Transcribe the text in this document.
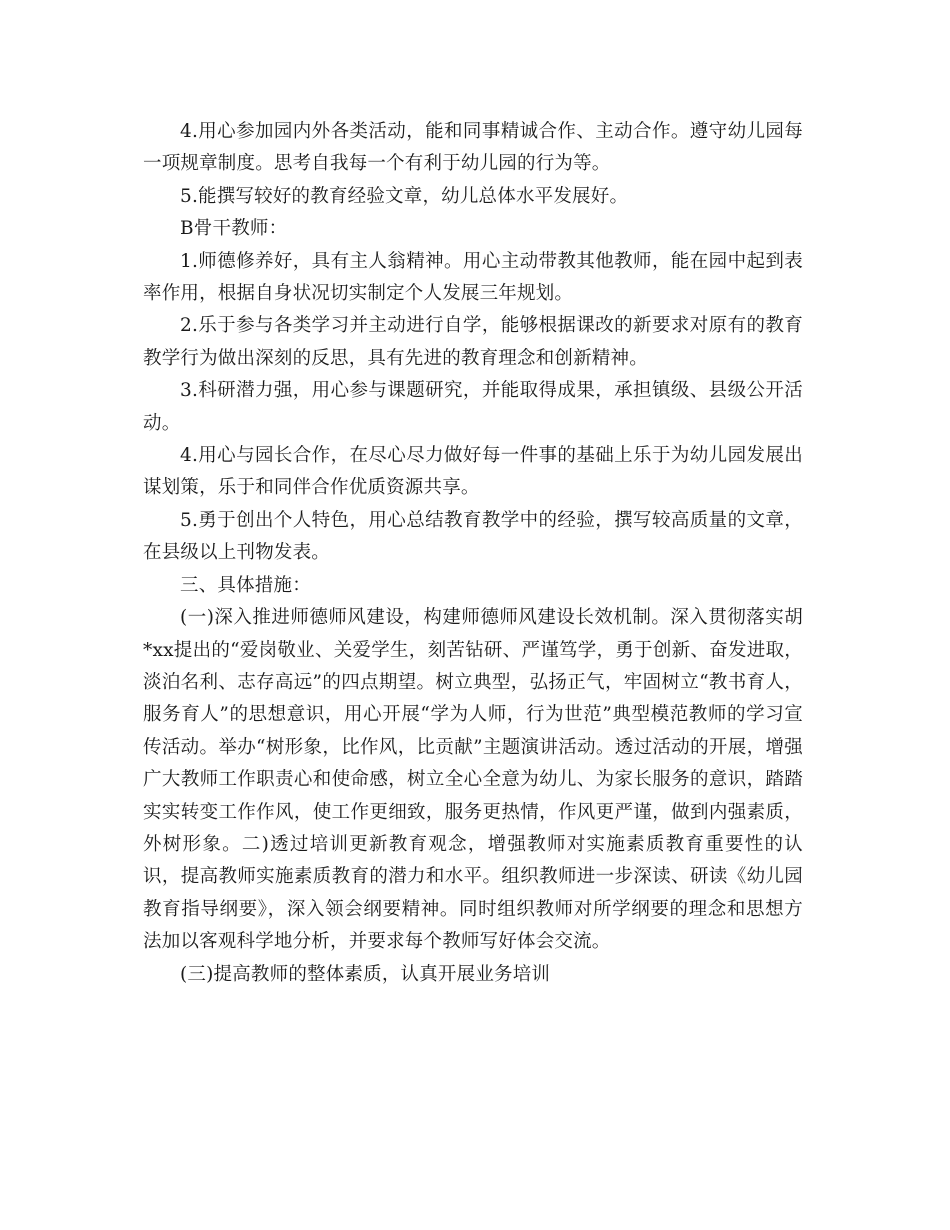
4.用心参加园内外各类活动，能和同事精诚合作、主动合作。遵守幼儿园每一项规章制度。思考自我每一个有利于幼儿园的行为等。

5.能撰写较好的教育经验文章，幼儿总体水平发展好。

B骨干教师：

1.师德修养好，具有主人翁精神。用心主动带教其他教师，能在园中起到表率作用，根据自身状况切实制定个人发展三年规划。

2.乐于参与各类学习并主动进行自学，能够根据课改的新要求对原有的教育教学行为做出深刻的反思，具有先进的教育理念和创新精神。

3.科研潜力强，用心参与课题研究，并能取得成果，承担镇级、县级公开活动。

4.用心与园长合作，在尽心尽力做好每一件事的基础上乐于为幼儿园发展出谋划策，乐于和同伴合作优质资源共享。

5.勇于创出个人特色，用心总结教育教学中的经验，撰写较高质量的文章，在县级以上刊物发表。

三、具体措施：

(一)深入推进师德师风建设，构建师德师风建设长效机制。深入贯彻落实胡*xx提出的“爱岗敬业、关爱学生，刻苦钻研、严谨笃学，勇于创新、奋发进取，淡泊名利、志存高远”的四点期望。树立典型，弘扬正气，牢固树立“教书育人，服务育人”的思想意识，用心开展“学为人师，行为世范”典型模范教师的学习宣传活动。举办“树形象，比作风，比贡献”主题演讲活动。透过活动的开展，增强广大教师工作职责心和使命感，树立全心全意为幼儿、为家长服务的意识，踏踏实实转变工作作风，使工作更细致，服务更热情，作风更严谨，做到内强素质，外树形象。二)透过培训更新教育观念，增强教师对实施素质教育重要性的认识，提高教师实施素质教育的潜力和水平。组织教师进一步深读、研读《幼儿园教育指导纲要》，深入领会纲要精神。同时组织教师对所学纲要的理念和思想方法加以客观科学地分析，并要求每个教师写好体会交流。

(三)提高教师的整体素质，认真开展业务培训
